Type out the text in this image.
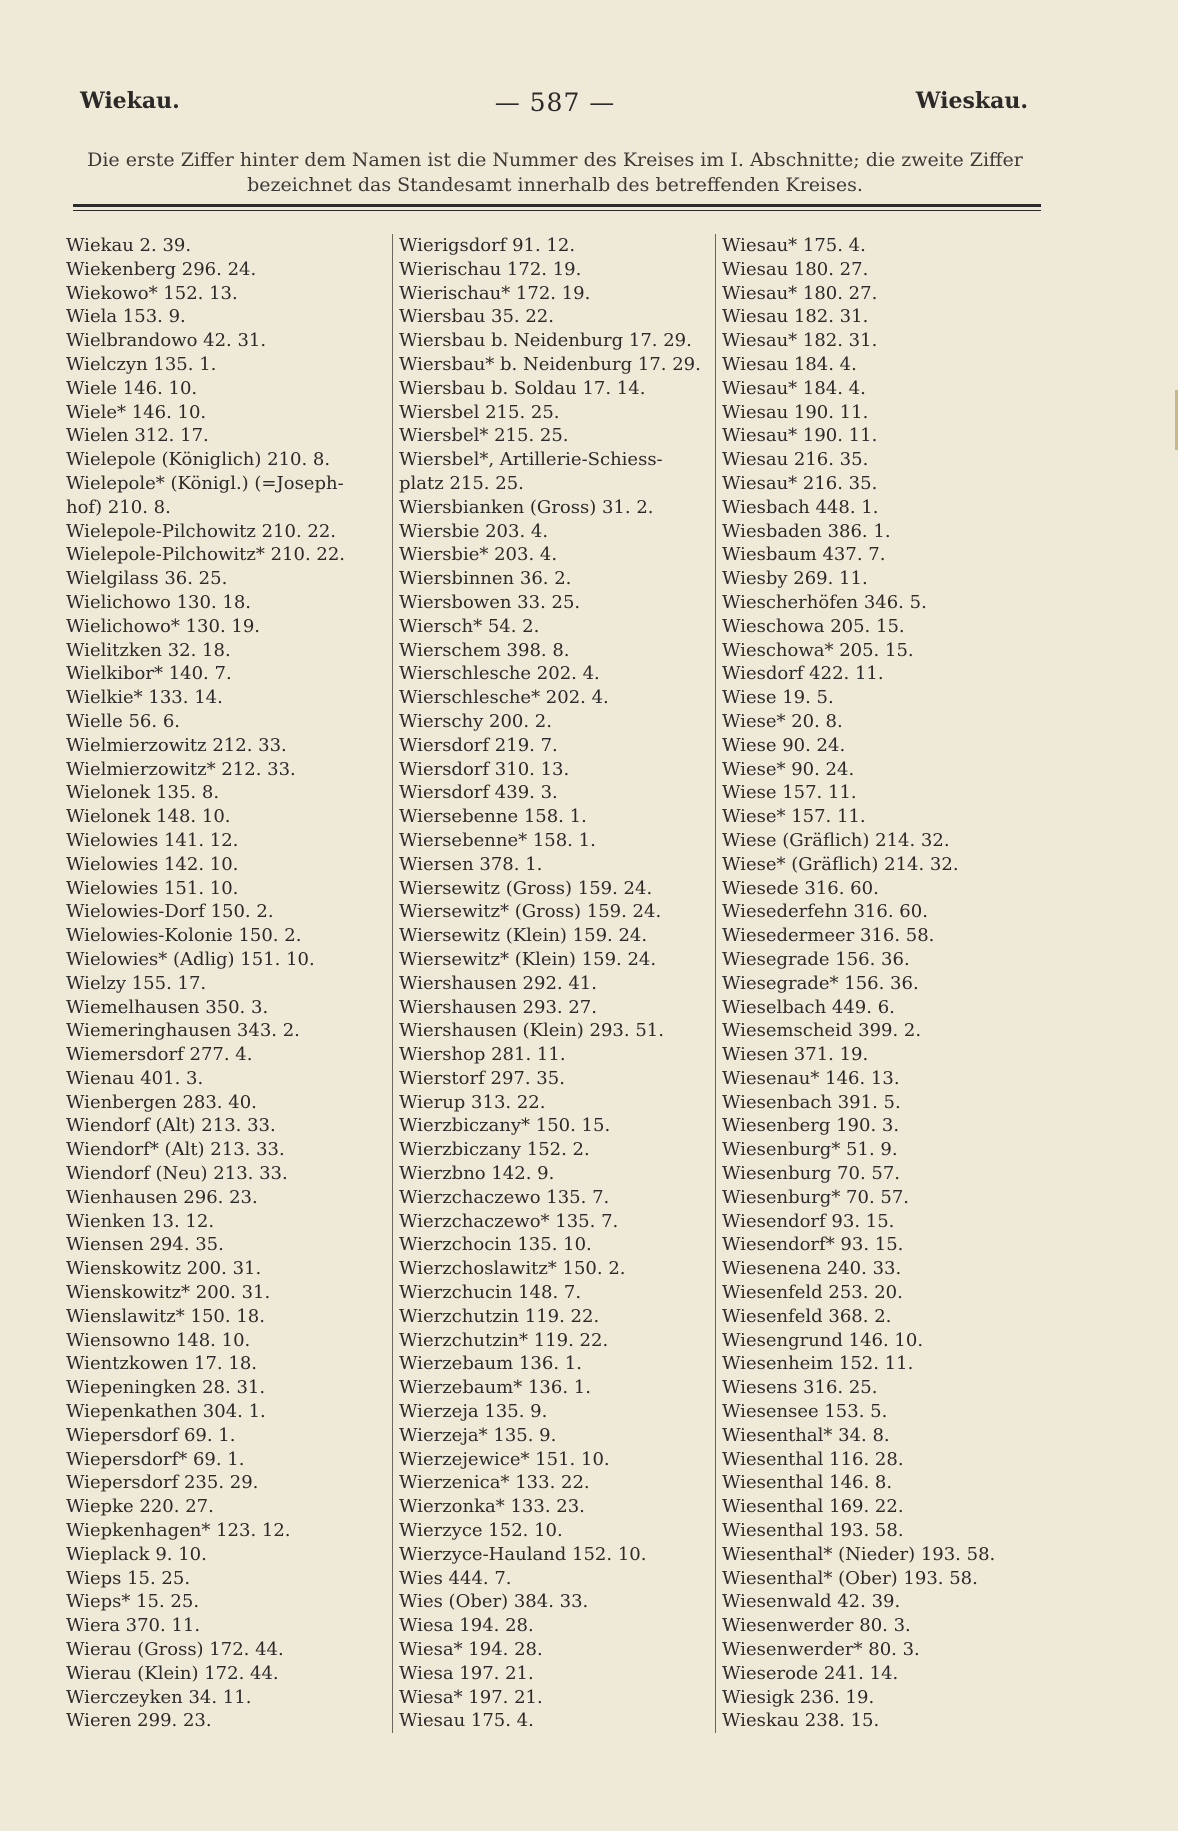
Wiekau.	— 587 —	Wieskau.
Die erste Ziffer hinter dem Namen ist die Nummer des Kreises im I. Abschnitte; die zweite Ziffer bezeichnet das Standesamt innerhalb des betreffenden Kreises.
Wiekau 2. 39.
Wiekenberg 296. 24.
Wiekowo* 152. 13.
Wiela 153. 9.
Wielbrandowo 42. 31.
Wielczyn 135. 1.
Wiele 146. 10.
Wiele* 146. 10.
Wielen 312. 17.
Wielepole (Königlich) 210. 8.
Wielepole* (Königl.) (=Joseph-
hof) 210. 8.
Wielepole-Pilchowitz 210. 22.
Wielepole-Pilchowitz* 210. 22.
Wielgilass 36. 25.
Wielichowo 130. 18.
Wielichowo* 130. 19.
Wielitzken 32. 18.
Wielkibor* 140. 7.
Wielkie* 133. 14.
Wielle 56. 6.
Wielmierzowitz 212. 33.
Wielmierzowitz* 212. 33.
Wielonek 135. 8.
Wielonek 148. 10.
Wielowies 141. 12.
Wielowies 142. 10.
Wielowies 151. 10.
Wielowies-Dorf 150. 2.
Wielowies-Kolonie 150. 2.
Wielowies* (Adlig) 151. 10.
Wielzy 155. 17.
Wiemelhausen 350. 3.
Wiemeringhausen 343. 2.
Wiemersdorf 277. 4.
Wienau 401. 3.
Wienbergen 283. 40.
Wiendorf (Alt) 213. 33.
Wiendorf* (Alt) 213. 33.
Wiendorf (Neu) 213. 33.
Wienhausen 296. 23.
Wienken 13. 12.
Wiensen 294. 35.
Wienskowitz 200. 31.
Wienskowitz* 200. 31.
Wienslawitz* 150. 18.
Wiensowno 148. 10.
Wientzkowen 17. 18.
Wiepeningken 28. 31.
Wiepenkathen 304. 1.
Wiepersdorf 69. 1.
Wiepersdorf* 69. 1.
Wiepersdorf 235. 29.
Wiepke 220. 27.
Wiepkenhagen* 123. 12.
Wieplack 9. 10.
Wieps 15. 25.
Wieps* 15. 25.
Wiera 370. 11.
Wierau (Gross) 172. 44.
Wierau (Klein) 172. 44.
Wierczeyken 34. 11.
Wieren 299. 23.
Wierigsdorf 91. 12.
Wierischau 172. 19.
Wierischau* 172. 19.
Wiersbau 35. 22.
Wiersbau b. Neidenburg 17. 29.
Wiersbau* b. Neidenburg 17. 29.
Wiersbau b. Soldau 17. 14.
Wiersbel 215. 25.
Wiersbel* 215. 25.
Wiersbel*, Artillerie-Schiess-
platz 215. 25.
Wiersbianken (Gross) 31. 2.
Wiersbie 203. 4.
Wiersbie* 203. 4.
Wiersbinnen 36. 2.
Wiersbowen 33. 25.
Wiersch* 54. 2.
Wierschem 398. 8.
Wierschlesche 202. 4.
Wierschlesche* 202. 4.
Wierschy 200. 2.
Wiersdorf 219. 7.
Wiersdorf 310. 13.
Wiersdorf 439. 3.
Wiersebenne 158. 1.
Wiersebenne* 158. 1.
Wiersen 378. 1.
Wiersewitz (Gross) 159. 24.
Wiersewitz* (Gross) 159. 24.
Wiersewitz (Klein) 159. 24.
Wiersewitz* (Klein) 159. 24.
Wiershausen 292. 41.
Wiershausen 293. 27.
Wiershausen (Klein) 293. 51.
Wiershop 281. 11.
Wierstorf 297. 35.
Wierup 313. 22.
Wierzbiczany* 150. 15.
Wierzbiczany 152. 2.
Wierzbno 142. 9.
Wierzchaczewo 135. 7.
Wierzchaczewo* 135. 7.
Wierzchocin 135. 10.
Wierzchoslawitz* 150. 2.
Wierzchucin 148. 7.
Wierzchutzin 119. 22.
Wierzchutzin* 119. 22.
Wierzebaum 136. 1.
Wierzebaum* 136. 1.
Wierzeja 135. 9.
Wierzeja* 135. 9.
Wierzejewice* 151. 10.
Wierzenica* 133. 22.
Wierzonka* 133. 23.
Wierzyce 152. 10.
Wierzyce-Hauland 152. 10.
Wies 444. 7.
Wies (Ober) 384. 33.
Wiesa 194. 28.
Wiesa* 194. 28.
Wiesa 197. 21.
Wiesa* 197. 21.
Wiesau 175. 4.
Wiesau* 175. 4.
Wiesau 180. 27.
Wiesau* 180. 27.
Wiesau 182. 31.
Wiesau* 182. 31.
Wiesau 184. 4.
Wiesau* 184. 4.
Wiesau 190. 11.
Wiesau* 190. 11.
Wiesau 216. 35.
Wiesau* 216. 35.
Wiesbach 448. 1.
Wiesbaden 386. 1.
Wiesbaum 437. 7.
Wiesby 269. 11.
Wiescherhöfen 346. 5.
Wieschowa 205. 15.
Wieschowa* 205. 15.
Wiesdorf 422. 11.
Wiese 19. 5.
Wiese* 20. 8.
Wiese 90. 24.
Wiese* 90. 24.
Wiese 157. 11.
Wiese* 157. 11.
Wiese (Gräflich) 214. 32.
Wiese* (Gräflich) 214. 32.
Wiesede 316. 60.
Wiesederfehn 316. 60.
Wiesedermeer 316. 58.
Wiesegrade 156. 36.
Wiesegrade* 156. 36.
Wieselbach 449. 6.
Wiesemscheid 399. 2.
Wiesen 371. 19.
Wiesenau* 146. 13.
Wiesenbach 391. 5.
Wiesenberg 190. 3.
Wiesenburg* 51. 9.
Wiesenburg 70. 57.
Wiesenburg* 70. 57.
Wiesendorf 93. 15.
Wiesendorf* 93. 15.
Wiesenena 240. 33.
Wiesenfeld 253. 20.
Wiesenfeld 368. 2.
Wiesengrund 146. 10.
Wiesenheim 152. 11.
Wiesens 316. 25.
Wiesensee 153. 5.
Wiesenthal* 34. 8.
Wiesenthal 116. 28.
Wiesenthal 146. 8.
Wiesenthal 169. 22.
Wiesenthal 193. 58.
Wiesenthal* (Nieder) 193. 58.
Wiesenthal* (Ober) 193. 58.
Wiesenwald 42. 39.
Wiesenwerder 80. 3.
Wiesenwerder* 80. 3.
Wieserode 241. 14.
Wiesigk 236. 19.
Wieskau 238. 15.
